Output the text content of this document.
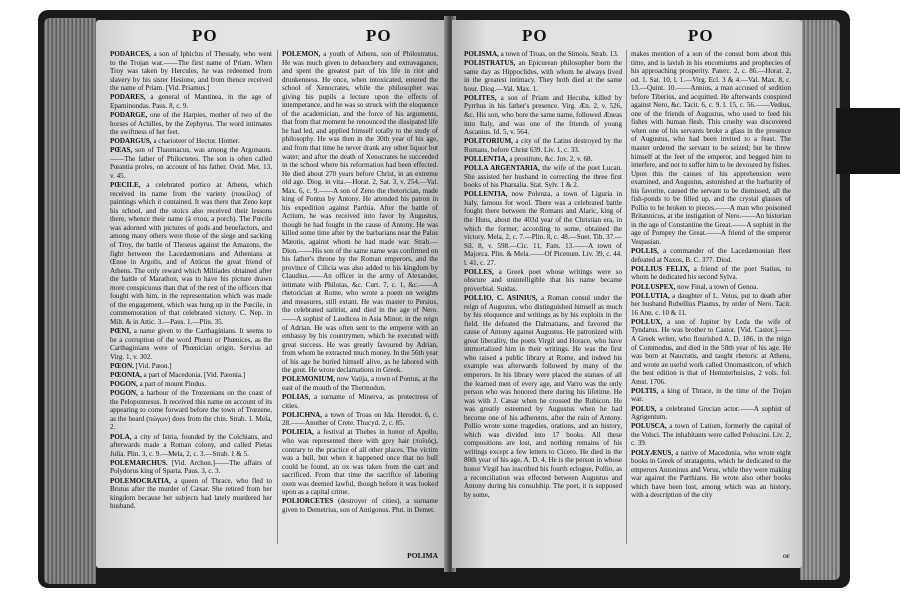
PO	PO

PODARCES, a son of Iphiclus of Thessaly, who went to the Trojan war.——The first name of Priam. When Troy was taken by Hercules, he was redeemed from slavery by his sister Hesione, and from thence received the name of Priam. [Vid. Priamus.]

PODARES, a general of Mantinea, in the age of Epaminondas. Paus. 8, c. 9.

PODARGE, one of the Harpies, mother of two of the horses of Achilles, by the Zephyrus. The word intimates the swiftness of her feet.

PODARGUS, a charioteer of Hector. Homer.

PŒAS, son of Thaumacus, was among the Argonauts.——The father of Philoctetes. The son is often called Pœantia proles, on account of his father. Ovid. Met. 13, v. 45.

PŒCILE, a celebrated portico at Athens, which received its name from the variety (ποικίλος) of paintings which it contained. It was there that Zeno kept his school, and the stoics also received their lessons there, whence their name (à στοα, a porch). The Pœcile was adorned with pictures of gods and benefactors, and among many others were those of the siege and sacking of Troy, the battle of Theseus against the Amazons, the fight between the Lacedæmonians and Athenians at Œnoe in Argolis, and of Atticus the great friend of Athens. The only reward which Miltiades obtained after the battle of Marathon, was to have his picture drawn more conspicuous than that of the rest of the officers that fought with him, in the representation which was made of the engagement, which was hung up in the Pœcile, in commemoration of that celebrated victory. C. Nep. in Milt. & in Attic. 3.—Paus. 1.—Plin. 35.

PŒNI, a name given to the Carthaginians. It seems to be a corruption of the word Phœni or Phœnices, as the Carthaginians were of Phœnician origin. Servius ad Virg. 1, v. 302.

PŒON. [Vid. Pæon.]

PŒONIA, a part of Macedonia. [Vid. Pæonia.]

POGON, a part of mount Pindus.

POGON, a harbour of the Trœzenians on the coast of the Peloponnesus. It received this name on account of its appearing to come forward before the town of Trœzene, as the beard (πώγων) does from the chin. Strab. 1. Mela, 2.

POLA, a city of Istria, founded by the Colchians, and afterwards made a Roman colony, and called Pietas Julia. Plin. 3, c. 9.—Mela, 2, c. 3.—Strab. 1 & 5.

POLEMARCHUS. [Vid. Archon.]——The affairs of Polydorus king of Sparta. Paus. 3, c. 3.

POLEMOCRATIA, a queen of Thrace, who fled to Brutus after the murder of Cæsar. She retired from her kingdom because her subjects had lately murdered her husband.

POLEMON, a youth of Athens, son of Philostratus. He was much given to debauchery and extravagance, and spent the greatest part of his life in riot and drunkenness. He once, when intoxicated, entered the school of Xenocrates, while the philosopher was giving his pupils a lecture upon the effects of intemperance, and he was so struck with the eloquence of the academician, and the force of his arguments, that from that moment he renounced the dissipated life he had led, and applied himself totally to the study of philosophy. He was then in the 30th year of his age, and from that time he never drank any other liquor but water; and after the death of Xenocrates he succeeded in the school where his reformation had been effected. He died about 270 years before Christ, in an extreme old age. Diog. in vita.—Horat. 2, Sat. 3, v. 254.—Val. Max. 6, c. 9.——A son of Zeno the rhetorician, made king of Pontus by Antony. He attended his patron in his expedition against Parthia. After the battle of Actium, he was received into favor by Augustus, though he had fought in the cause of Antony. He was killed some time after by the barbarians near the Palus Mæotis, against whom he had made war. Strab.—Dion.——His son of the same name was confirmed on his father's throne by the Roman emperors, and the province of Cilicia was also added to his kingdom by Claudius.——An officer in the army of Alexander, intimate with Philotas, &c. Curt. 7, c. 1, &c.——A rhetorician at Rome, who wrote a poem on weights and measures, still extant. He was master to Persius, the celebrated satirist, and died in the age of Nero.——A sophist of Laodicea in Asia Minor, in the reign of Adrian. He was often sent to the emperor with an embassy by his countrymen, which he executed with great success. He was greatly favoured by Adrian, from whom he extracted much money. In the 56th year of his age he buried himself alive, as he labored with the gout. He wrote declamations in Greek.

POLEMONIUM, now Vatija, a town of Pontus, at the east of the mouth of the Thermodon.

POLIAS, a surname of Minerva, as protectress of cities.

POLICHNA, a town of Troas on Ida. Herodot. 6, c. 28.——Another of Crete. Thucyd. 2, c. 85.

POLIEIA, a festival at Thebes in honor of Apollo, who was represented there with grey hair (πολιός), contrary to the practice of all other places. The victim was a bull, but when it happened once that no bull could be found, an ox was taken from the cart and sacrificed. From that time the sacrifice of laboring oxen was deemed lawful, though before it was looked upon as a capital crime.

POLIORCETES (destroyer of cities), a surname given to Demetrius, son of Antigonus. Plut. in Demet.

POLIMA
PO	PO

POLISMA, a town of Troas, on the Simois. Strab. 13.

POLISTRATUS, an Epicurean philosopher born the same day as Hippoclides, with whom he always lived in the greatest intimacy. They both died at the same hour. Diog.—Val. Max. 1.

POLITES, a son of Priam and Hecuba, killed by Pyrrhus in his father's presence. Virg. Æn. 2, v. 526, &c. His son, who bore the same name, followed Æneas into Italy, and was one of the friends of young Ascanius. Id. 5, v. 564.

POLITORIUM, a city of the Latins destroyed by the Romans, before Christ 639. Liv. 1, c. 33.

POLLENTIA, a prostitute, &c. Juv. 2, v. 68.

POLLA ARGENTARIA, the wife of the poet Lucan. She assisted her husband in correcting the three first books of his Pharsalia. Stat. Sylv. 1 & 2.

POLLENTIA, now Polenza, a town of Liguria in Italy, famous for wool. There was a celebrated battle fought there between the Romans and Alaric, king of the Huns, about the 403d year of the Christian era, in which the former, according to some, obtained the victory. Mela, 2, c. 7.—Plin. 8, c. 48.—Suet. Tib. 37.—Sil. 8, v. 598.—Cic. 11, Fam. 13.——A town of Majorca. Plin. & Mela.——Of Picenum. Liv. 39, c. 44. l. 41, c. 27.

POLLES, a Greek poet whose writings were so obscure and unintelligible that his name became proverbial. Suidas.

POLLIO, C. ASINIUS, a Roman consul under the reign of Augustus, who distinguished himself as much by his eloquence and writings as by his exploits in the field. He defeated the Dalmatians, and favored the cause of Antony against Augustus. He patronized with great liberality, the poets Virgil and Horace, who have immortalized him in their writings. He was the first who raised a public library at Rome, and indeed his example was afterwards followed by many of the emperors. In his library were placed the statues of all the learned men of every age, and Varro was the only person who was honored there during his lifetime. He was with J. Cæsar when he crossed the Rubicon. He was greatly esteemed by Augustus when he had become one of his adherents, after the ruin of Antony. Pollio wrote some tragedies, orations, and an history, which was divided into 17 books. All these compositions are lost, and nothing remains of his writings except a few letters to Cicero. He died in the 80th year of his age, A. D. 4. He is the person in whose honor Virgil has inscribed his fourth eclogue, Pollio, as a reconciliation was effected between Augustus and Antony during his consulship. The poet, it is supposed by some,

makes mention of a son of the consul born about this time, and is lavish in his encomiums and prophecies of his approaching prosperity. Paterc. 2, c. 86.—Horat. 2, od. 1. Sat. 10, l. 1.—Virg. Ecl. 3 & 4.—Val. Max. 8, c. 13.—Quint. 10.——Annius, a man accused of sedition before Tiberius, and acquitted. He afterwards conspired against Nero, &c. Tacit. 6, c. 9. l. 15, c. 56.——Vedius, one of the friends of Augustus, who used to feed his fishes with human flesh. This cruelty was discovered when one of his servants broke a glass in the presence of Augustus, who had been invited to a feast. The master ordered the servant to be seized; but he threw himself at the feet of the emperor, and begged him to interfere, and not to suffer him to be devoured by fishes. Upon this the causes of his apprehension were examined, and Augustus, astonished at the barbarity of his favorite, caused the servant to be dismissed, all the fish-ponds to be filled up, and the crystal glasses of Pollio to be broken to pieces.——A man who poisoned Britannicus, at the instigation of Nero.——An historian in the age of Constantine the Great.——A sophist in the age of Pompey the Great.——A friend of the emperor Vespasian.

POLLIS, a commander of the Lacedæmonian fleet defeated at Naxos, B. C. 377. Diod.

POLLIUS FELIX, a friend of the poet Statius, to whom he dedicated his second Sylva.

POLLUSPEX, now Final, a town of Genoa.

POLLUTIA, a daughter of L. Vetus, put to death after her husband Rubellius Plautus, by order of Nero. Tacit. 16 Ann. c. 10 & 11.

POLLUX, a son of Jupiter by Leda the wife of Tyndarus. He was brother to Castor. [Vid. Castor.]——A Greek writer, who flourished A. D. 186, in the reign of Commodus, and died in the 58th year of his age. He was born at Naucratis, and taught rhetoric at Athens, and wrote an useful work called Onomasticon, of which the best edition is that of Hemsterhuisius, 2 vols. fol. Amst. 1706.

POLTIS, a king of Thrace, in the time of the Trojan war.

POLUS, a celebrated Grecian actor.——A sophist of Agrigentum.

POLUSCA, a town of Latium, formerly the capital of the Volsci. The inhabitants were called Poluscini. Liv. 2, c. 39.

POLYÆNUS, a native of Macedonia, who wrote eight books in Greek of stratagems, which he dedicated to the emperors Antoninus and Verus, while they were making war against the Parthians. He wrote also other books which have been lost, among which was an history, with a description of the city

of
